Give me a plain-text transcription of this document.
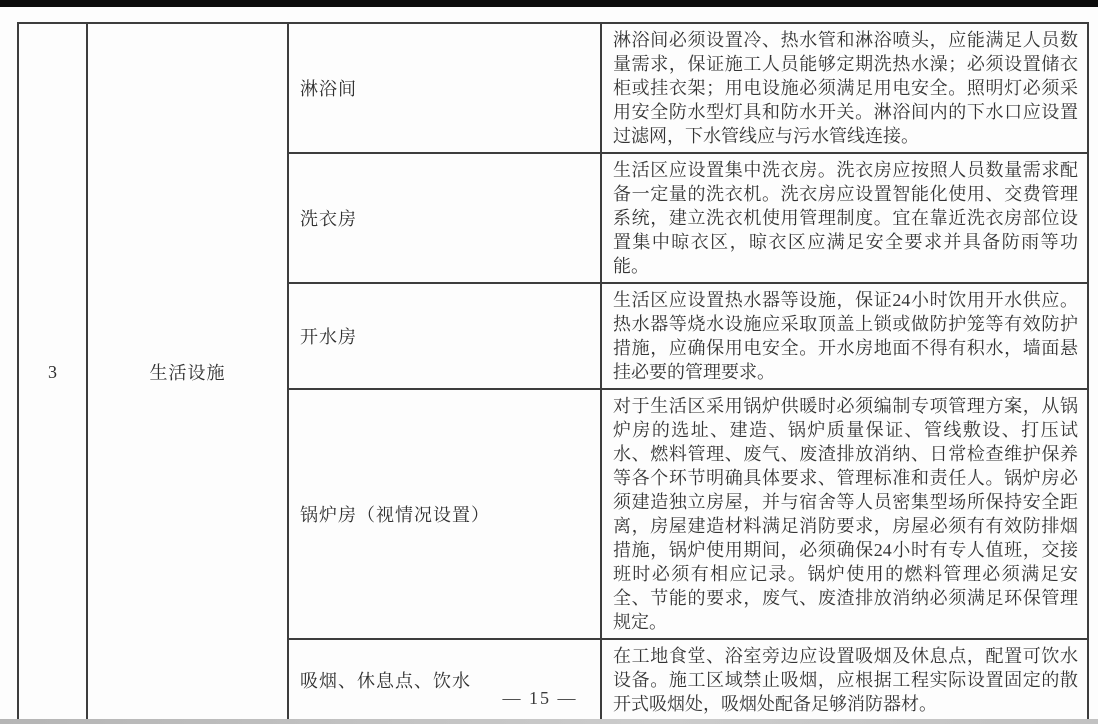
3	生活设施	淋浴间	淋浴间必须设置冷、热水管和淋浴喷头，应能满足人员数量需求，保证施工人员能够定期洗热水澡；必须设置储衣柜或挂衣架；用电设施必须满足用电安全。照明灯必须采用安全防水型灯具和防水开关。淋浴间内的下水口应设置过滤网，下水管线应与污水管线连接。
		洗衣房	生活区应设置集中洗衣房。洗衣房应按照人员数量需求配备一定量的洗衣机。洗衣房应设置智能化使用、交费管理系统，建立洗衣机使用管理制度。宜在靠近洗衣房部位设置集中晾衣区，晾衣区应满足安全要求并具备防雨等功能。
		开水房	生活区应设置热水器等设施，保证24小时饮用开水供应。热水器等烧水设施应采取顶盖上锁或做防护笼等有效防护措施，应确保用电安全。开水房地面不得有积水，墙面悬挂必要的管理要求。
		锅炉房（视情况设置）	对于生活区采用锅炉供暖时必须编制专项管理方案，从锅炉房的选址、建造、锅炉质量保证、管线敷设、打压试水、燃料管理、废气、废渣排放消纳、日常检查维护保养等各个环节明确具体要求、管理标准和责任人。锅炉房必须建造独立房屋，并与宿舍等人员密集型场所保持安全距离，房屋建造材料满足消防要求，房屋必须有有效防排烟措施，锅炉使用期间，必须确保24小时有专人值班，交接班时必须有相应记录。锅炉使用的燃料管理必须满足安全、节能的要求，废气、废渣排放消纳必须满足环保管理规定。
		吸烟、休息点、饮水	在工地食堂、浴室旁边应设置吸烟及休息点，配置可饮水设备。施工区域禁止吸烟，应根据工程实际设置固定的散开式吸烟处，吸烟处配备足够消防器材。
— 15 —
